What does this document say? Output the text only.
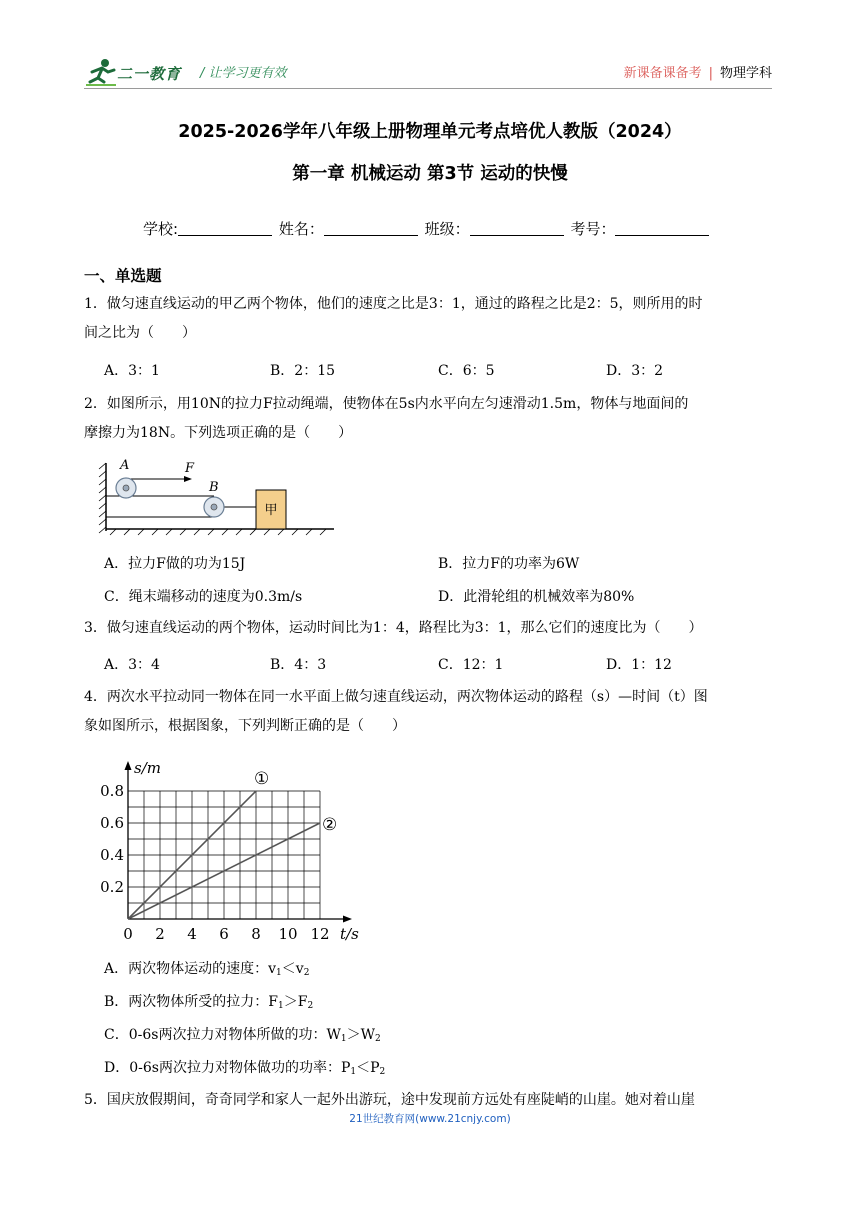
二一教育 / 让学习更有效	新课备课备考 | 物理学科
2025-2026学年八年级上册物理单元考点培优人教版（2024）
第一章 机械运动 第3节 运动的快慢
学校:	姓名：	班级：	考号：
一、单选题
1．做匀速直线运动的甲乙两个物体，他们的速度之比是3：1，通过的路程之比是2：5，则所用的时
间之比为（　　）
A．3：1	B．2：15	C．6：5	D．3：2
2．如图所示，用10N的拉力F拉动绳端，使物体在5s内水平向左匀速滑动1.5m，物体与地面间的
摩擦力为18N。下列选项正确的是（　　）
甲
A
B
F
A．拉力F做的功为15J	B．拉力F的功率为6W
C．绳末端移动的速度为0.3m/s	D．此滑轮组的机械效率为80%
3．做匀速直线运动的两个物体，运动时间比为1：4，路程比为3：1，那么它们的速度比为（　　）
A．3：4	B．4：3	C．12：1	D．1：12
4．两次水平拉动同一物体在同一水平面上做匀速直线运动，两次物体运动的路程（s）—时间（t）图
象如图所示，根据图象，下列判断正确的是（　　）
0 2 4 6 8 10 12
0.2
0.4
0.6
0.8
t/s
s/m
①
②
A．两次物体运动的速度：$v_1<v_2$
B．两次物体所受的拉力：$F_1>F_2$
C．0-6s两次拉力对物体所做的功：$W_1>W_2$
D．0-6s两次拉力对物体做功的功率：$P_1<P_2$
5．国庆放假期间，奇奇同学和家人一起外出游玩，途中发现前方远处有座陡峭的山崖。她对着山崖
21世纪教育网(www.21cnjy.com)
